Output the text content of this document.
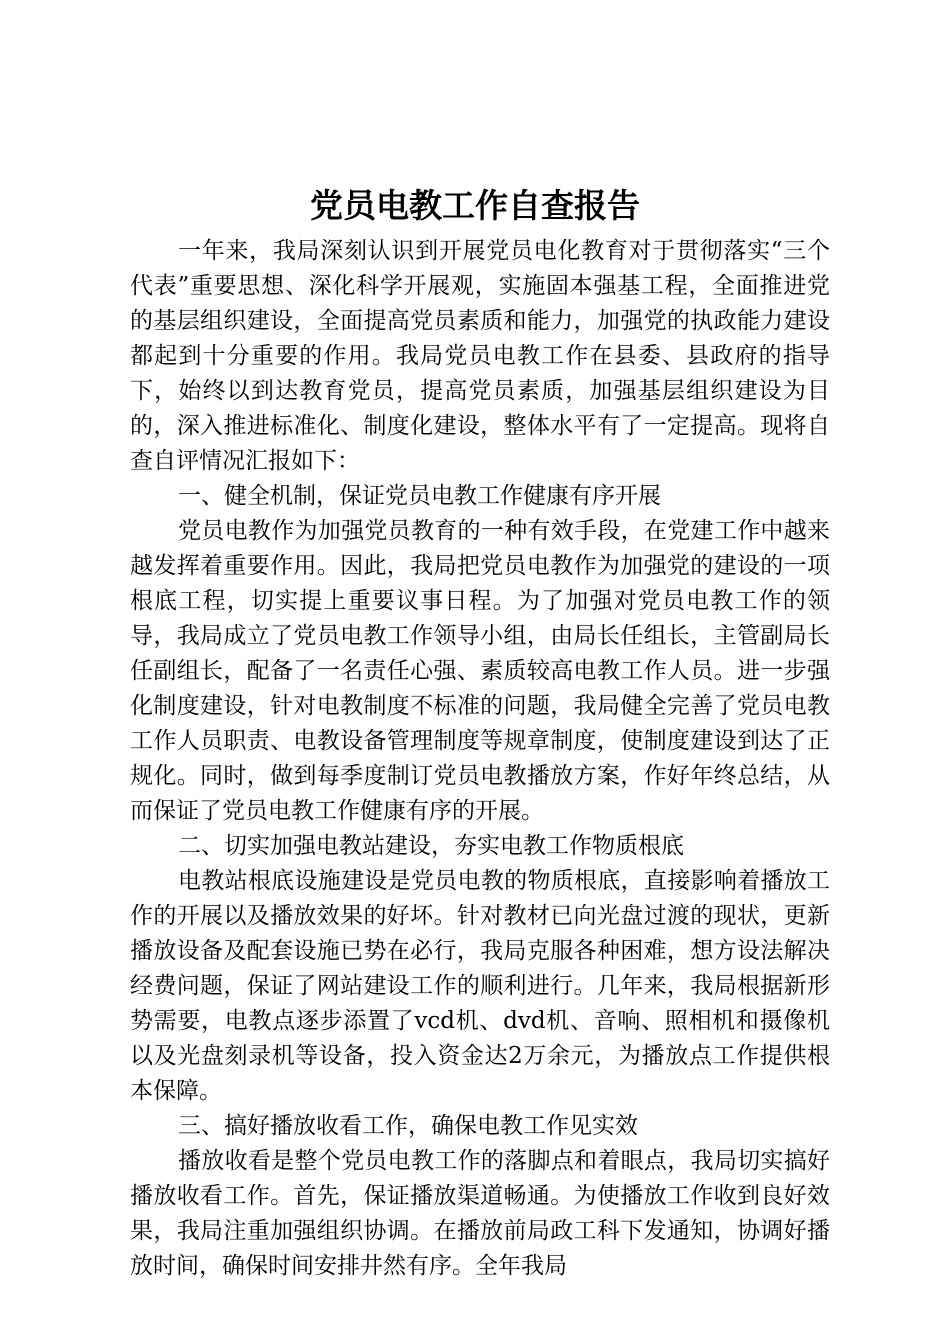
党员电教工作自查报告

一年来，我局深刻认识到开展党员电化教育对于贯彻落实“三个代表”重要思想、深化科学开展观，实施固本强基工程，全面推进党的基层组织建设，全面提高党员素质和能力，加强党的执政能力建设都起到十分重要的作用。我局党员电教工作在县委、县政府的指导下，始终以到达教育党员，提高党员素质，加强基层组织建设为目的，深入推进标准化、制度化建设，整体水平有了一定提高。现将自查自评情况汇报如下：

一、健全机制，保证党员电教工作健康有序开展

党员电教作为加强党员教育的一种有效手段，在党建工作中越来越发挥着重要作用。因此，我局把党员电教作为加强党的建设的一项根底工程，切实提上重要议事日程。为了加强对党员电教工作的领导，我局成立了党员电教工作领导小组，由局长任组长，主管副局长任副组长，配备了一名责任心强、素质较高电教工作人员。进一步强化制度建设，针对电教制度不标准的问题，我局健全完善了党员电教工作人员职责、电教设备管理制度等规章制度，使制度建设到达了正规化。同时，做到每季度制订党员电教播放方案，作好年终总结，从而保证了党员电教工作健康有序的开展。

二、切实加强电教站建设，夯实电教工作物质根底

电教站根底设施建设是党员电教的物质根底，直接影响着播放工作的开展以及播放效果的好坏。针对教材已向光盘过渡的现状，更新播放设备及配套设施已势在必行，我局克服各种困难，想方设法解决经费问题，保证了网站建设工作的顺利进行。几年来，我局根据新形势需要，电教点逐步添置了vcd机、dvd机、音响、照相机和摄像机以及光盘刻录机等设备，投入资金达2万余元，为播放点工作提供根本保障。

三、搞好播放收看工作，确保电教工作见实效

播放收看是整个党员电教工作的落脚点和着眼点，我局切实搞好播放收看工作。首先，保证播放渠道畅通。为使播放工作收到良好效果，我局注重加强组织协调。在播放前局政工科下发通知，协调好播放时间，确保时间安排井然有序。全年我局
